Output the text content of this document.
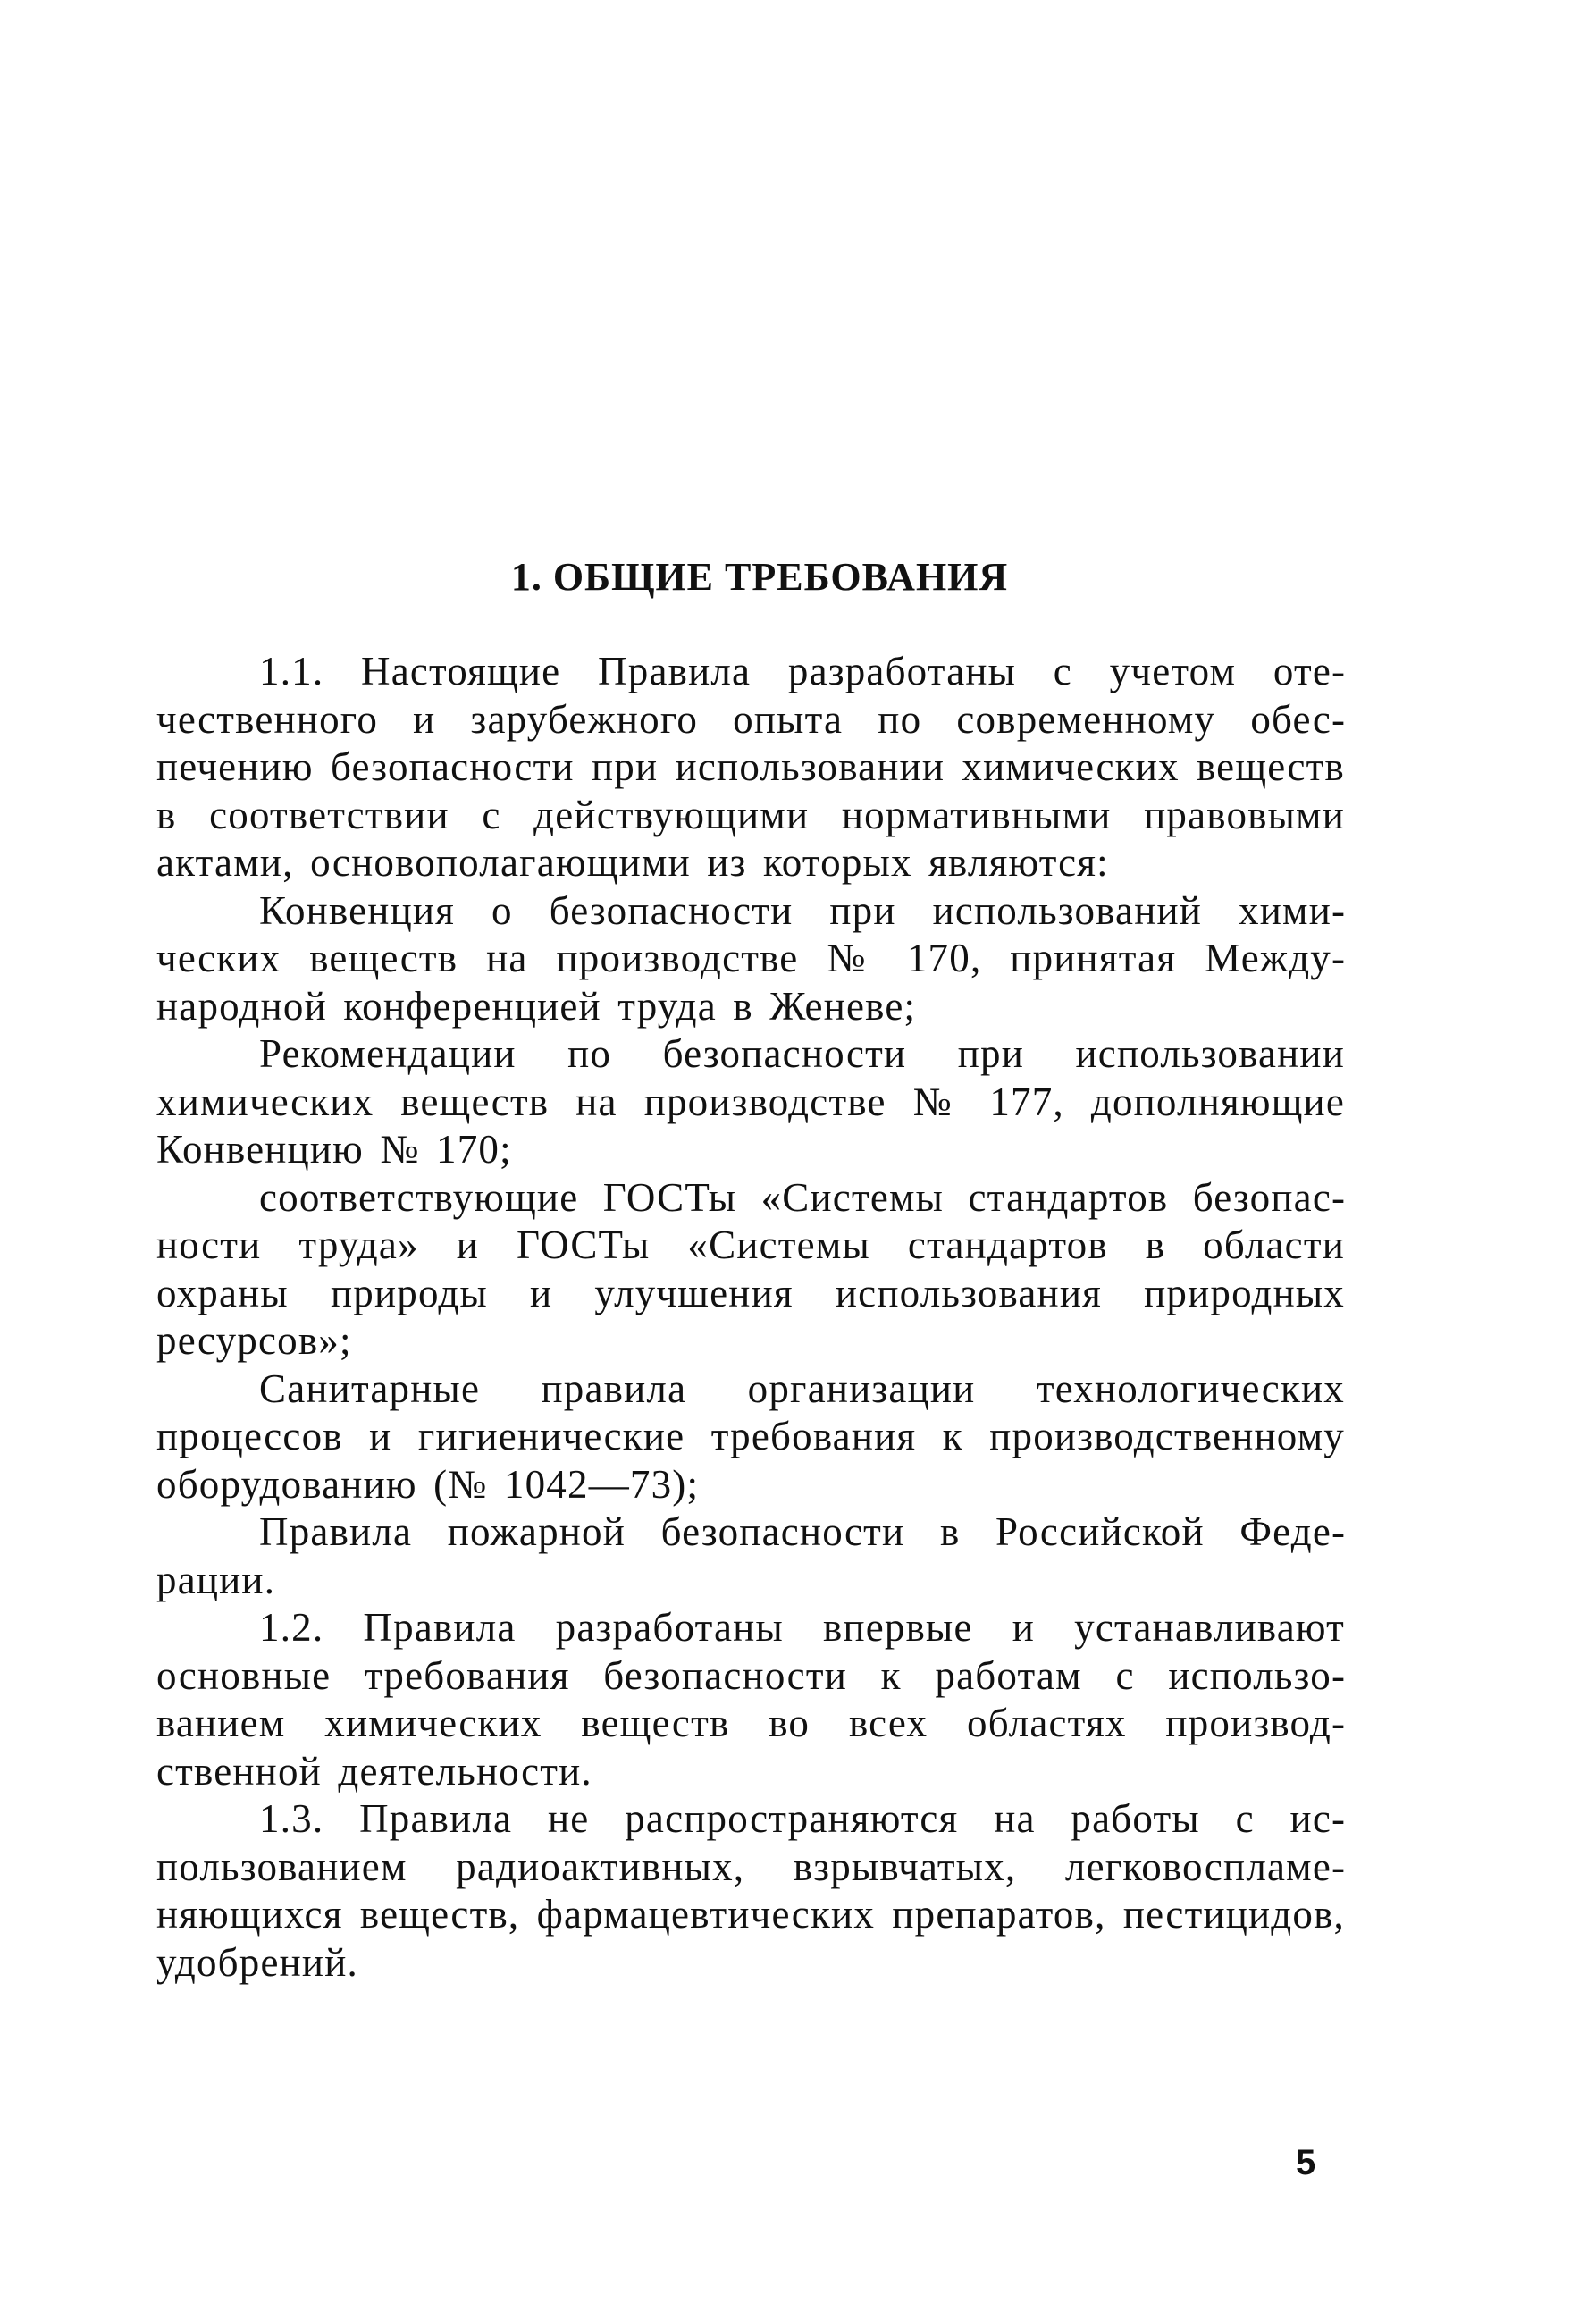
1. ОБЩИЕ ТРЕБОВАНИЯ

1.1. Настоящие Правила разработаны с учетом отечественного и зарубежного опыта по современному обеспечению безопасности при использовании химических веществ в соответствии с действующими нормативными правовыми актами, основополагающими из которых являются:

Конвенция о безопасности при использований химических веществ на производстве № 170, принятая Международной конференцией труда в Женеве;

Рекомендации по безопасности при использовании химических веществ на производстве № 177, дополняющие Конвенцию № 170;

соответствующие ГОСТы «Системы стандартов безопасности труда» и ГОСТы «Системы стандартов в области охраны природы и улучшения использования природных ресурсов»;

Санитарные правила организации технологических процессов и гигиенические требования к производственному оборудованию (№ 1042—73);

Правила пожарной безопасности в Российской Федерации.

1.2. Правила разработаны впервые и устанавливают основные требования безопасности к работам с использованием химических веществ во всех областях производственной деятельности.

1.3. Правила не распространяются на работы с использованием радиоактивных, взрывчатых, легковоспламеняющихся веществ, фармацевтических препаратов, пестицидов, удобрений.

5
